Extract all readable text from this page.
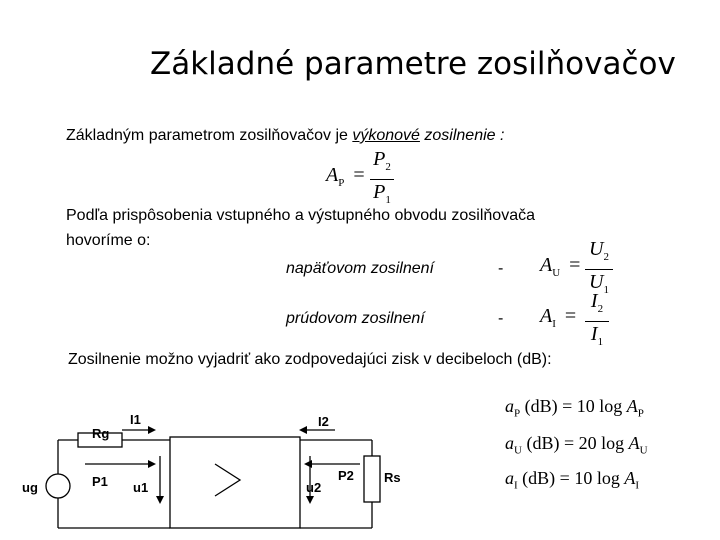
Základné parametre zosilňovačov
Základným parametrom zosilňovačov je výkonové zosilnenie :
$A_P$ =
$P_2$
$P_1$
Podľa prispôsobenia vstupného a výstupného obvodu zosilňovača
hovoríme o:
napäťovom zosilnení	- $A_U$ =
$U_2$
$U_1$
prúdovom zosilnení	- $A_I$ =
$I_2$
$I_1$
Zosilnenie možno vyjadriť ako zodpovedajúci zisk v decibeloch (dB):
$a_P$ (dB) = 10 $\log A_P$
$a_U$ (dB) = 20 $\log A_U$
$a_I$ (dB) = 10 $\log A_I$
ug
Rg
I1
P1 u1
I2
P2
u2
Rs
